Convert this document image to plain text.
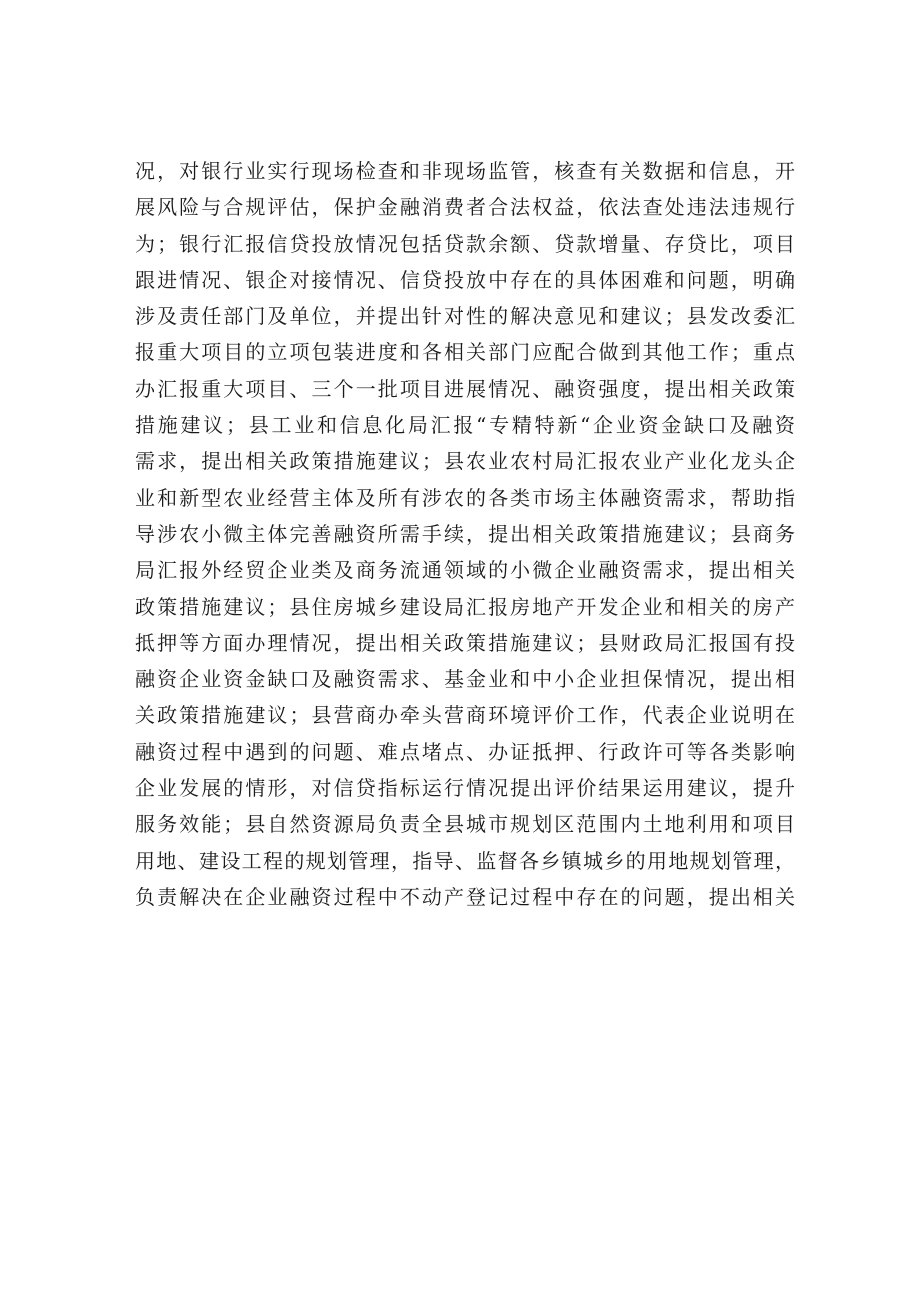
况，对银行业实行现场检查和非现场监管，核查有关数据和信息，开
展风险与合规评估，保护金融消费者合法权益，依法查处违法违规行
为；银行汇报信贷投放情况包括贷款余额、贷款增量、存贷比，项目
跟进情况、银企对接情况、信贷投放中存在的具体困难和问题，明确
涉及责任部门及单位，并提出针对性的解决意见和建议；县发改委汇
报重大项目的立项包装进度和各相关部门应配合做到其他工作；重点
办汇报重大项目、三个一批项目进展情况、融资强度，提出相关政策
措施建议；县工业和信息化局汇报“专精特新“企业资金缺口及融资
需求，提出相关政策措施建议；县农业农村局汇报农业产业化龙头企
业和新型农业经营主体及所有涉农的各类市场主体融资需求，帮助指
导涉农小微主体完善融资所需手续，提出相关政策措施建议；县商务
局汇报外经贸企业类及商务流通领域的小微企业融资需求，提出相关
政策措施建议；县住房城乡建设局汇报房地产开发企业和相关的房产
抵押等方面办理情况，提出相关政策措施建议；县财政局汇报国有投
融资企业资金缺口及融资需求、基金业和中小企业担保情况，提出相
关政策措施建议；县营商办牵头营商环境评价工作，代表企业说明在
融资过程中遇到的问题、难点堵点、办证抵押、行政许可等各类影响
企业发展的情形，对信贷指标运行情况提出评价结果运用建议，提升
服务效能；县自然资源局负责全县城市规划区范围内土地利用和项目
用地、建设工程的规划管理，指导、监督各乡镇城乡的用地规划管理，
负责解决在企业融资过程中不动产登记过程中存在的问题，提出相关
